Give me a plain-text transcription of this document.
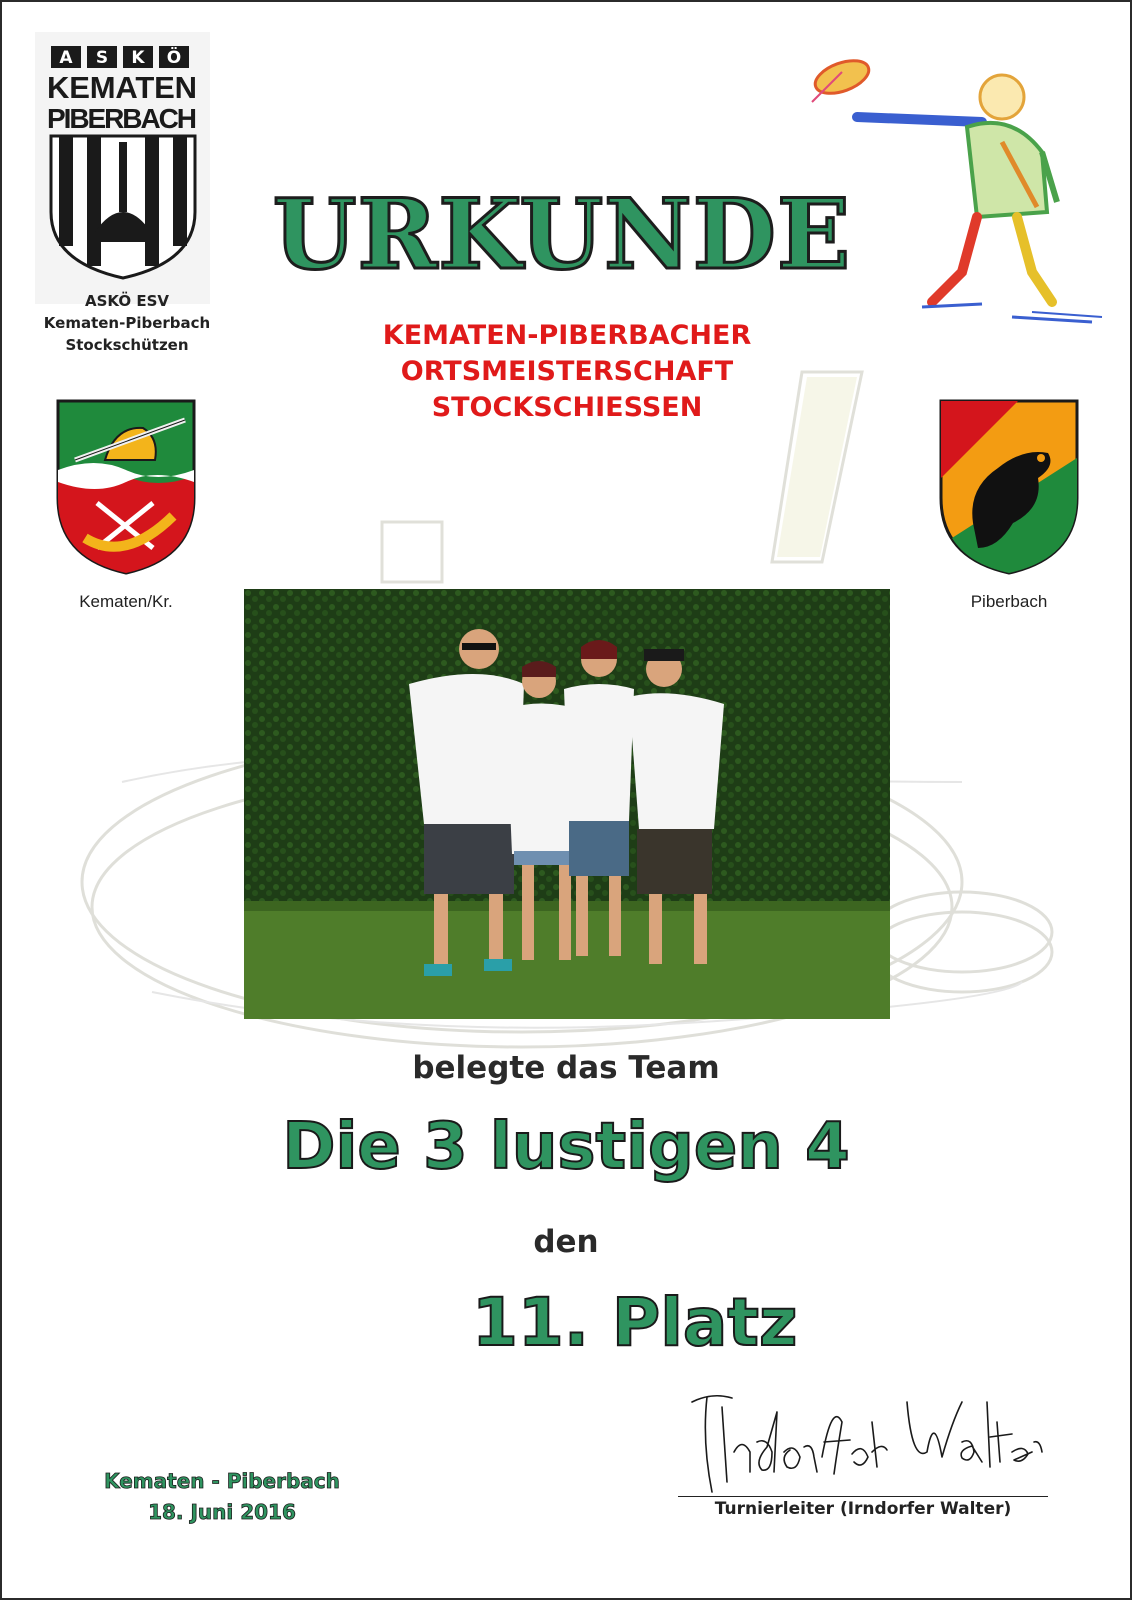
A S K Ö
KEMATEN
PIBERBACH
ASKÖ ESV
Kematen-Piberbach
Stockschützen
URKUNDE
KEMATEN-PIBERBACHER
ORTSMEISTERSCHAFT
STOCKSCHIESSEN
Kematen/Kr.	Piberbach
belegte das Team
Die 3 lustigen 4
den
11. Platz
Kematen - Piberbach
18. Juni 2016	Turnierleiter (Irndorfer Walter)
